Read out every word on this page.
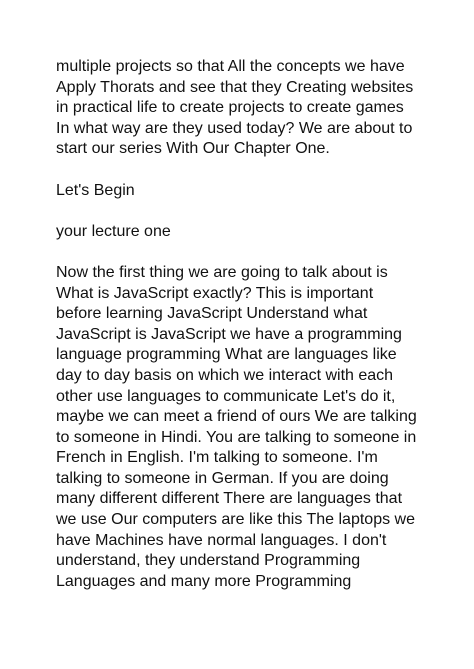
multiple projects so that All the concepts we have
Apply Thorats and see that they Creating websites
in practical life to create projects to create games
In what way are they used today? We are about to
start our series With Our Chapter One.

Let's Begin

your lecture one

Now the first thing we are going to talk about is
What is JavaScript exactly? This is important
before learning JavaScript Understand what
JavaScript is JavaScript we have a programming
language programming What are languages like
day to day basis on which we interact with each
other use languages to communicate Let's do it,
maybe we can meet a friend of ours We are talking
to someone in Hindi. You are talking to someone in
French in English. I'm talking to someone. I'm
talking to someone in German. If you are doing
many different different There are languages that
we use Our computers are like this The laptops we
have Machines have normal languages. I don't
understand, they understand Programming
Languages and many more Programming
